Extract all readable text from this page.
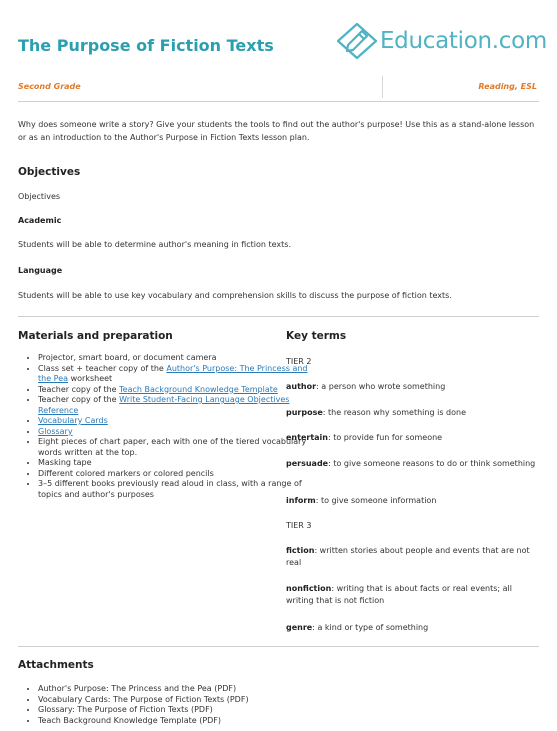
The Purpose of Fiction Texts	Education.com
Second Grade	Reading, ESL
Why does someone write a story? Give your students the tools to find out the author's purpose! Use this as a stand-alone lesson or as an introduction to the Author's Purpose in Fiction Texts lesson plan.
Objectives
Objectives
Academic
Students will be able to determine author's meaning in fiction texts.
Language
Students will be able to use key vocabulary and comprehension skills to discuss the purpose of fiction texts.
Materials and preparation
• Projector, smart board, or document camera
• Class set + teacher copy of the Author's Purpose: The Princess and the Pea worksheet
• Teacher copy of the Teach Background Knowledge Template
• Teacher copy of the Write Student-Facing Language Objectives Reference
• Vocabulary Cards
• Glossary
• Eight pieces of chart paper, each with one of the tiered vocabulary words written at the top.
• Masking tape
• Different colored markers or colored pencils
• 3–5 different books previously read aloud in class, with a range of topics and author's purposes
Key terms
TIER 2
TIER 3
Attachments
• Author's Purpose: The Princess and the Pea (PDF)
• Vocabulary Cards: The Purpose of Fiction Texts (PDF)
• Glossary: The Purpose of Fiction Texts (PDF)
• Teach Background Knowledge Template (PDF)
author: a person who wrote something
purpose: the reason why something is done
entertain: to provide fun for someone
persuade: to give someone reasons to do or think something
inform: to give someone information
fiction: written stories about people and events that are not real
nonfiction: writing that is about facts or real events; all writing that is not fiction
genre: a kind or type of something
